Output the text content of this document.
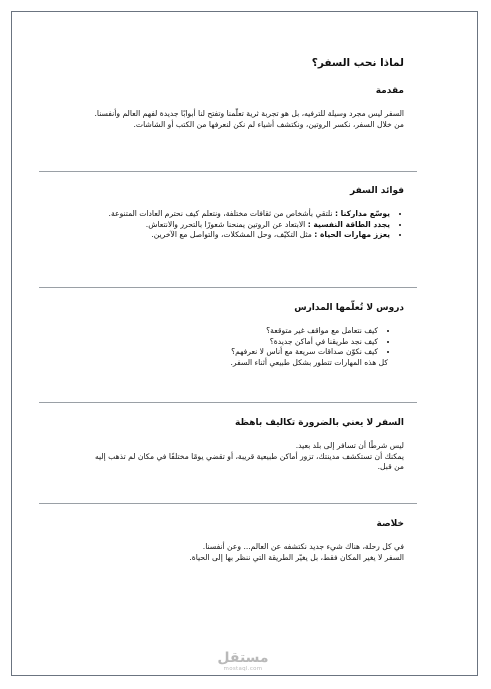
لماذا نحب السفر؟
مقدمة

السفر ليس مجرد وسيلة للترفيه، بل هو تجربة ثرية تعلّمنا وتفتح لنا أبوابًا جديدة لفهم العالم وأنفسنا.

من خلال السفر، نكسر الروتين، ونكتشف أشياء لم نكن لنعرفها من الكتب أو الشاشات.

فوائد السفر
• يوسّع مداركنا : نلتقي بأشخاص من ثقافات مختلفة، ونتعلم كيف نحترم العادات المتنوعة.
• يجدد الطاقة النفسية : الابتعاد عن الروتين يمنحنا شعورًا بالتحرر والانتعاش.
• يعزز مهارات الحياة : مثل التكيّف، وحل المشكلات، والتواصل مع الآخرين.
دروس لا تُعلّمها المدارس
• كيف نتعامل مع مواقف غير متوقعة؟
• كيف نجد طريقنا في أماكن جديدة؟
• كيف نكوّن صداقات سريعة مع أناس لا نعرفهم؟

كل هذه المهارات تتطور بشكل طبيعي أثناء السفر.

السفر لا يعني بالضرورة تكاليف باهظة

ليس شرطًا أن تسافر إلى بلد بعيد.

يمكنك أن تستكشف مدينتك، تزور أماكن طبيعية قريبة، أو تقضي يومًا مختلفًا في مكان لم تذهب إليه من قبل.

خلاصة

في كل رحلة، هناك شيء جديد نكتشفه عن العالم... وعن أنفسنا.

السفر لا يغير المكان فقط، بل يغيّر الطريقة التي ننظر بها إلى الحياة.

مستقل
mostaql.com
